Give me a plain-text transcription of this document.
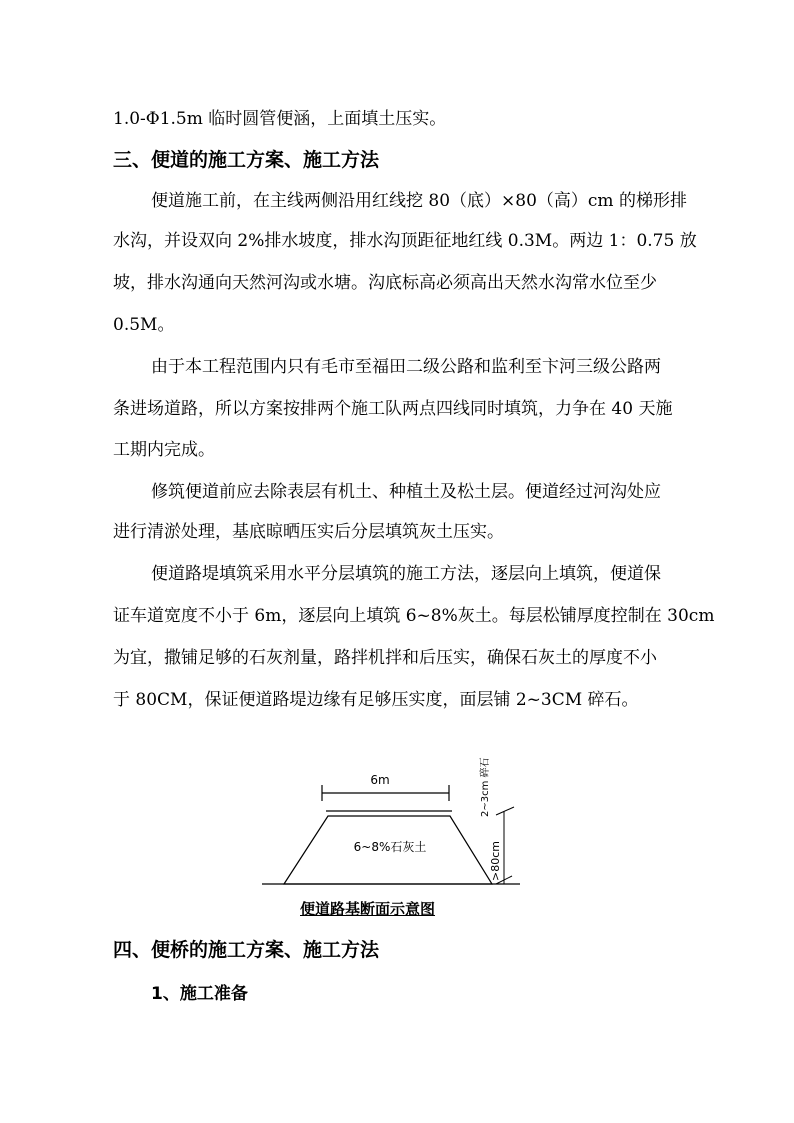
1.0-Φ1.5m 临时圆管便涵，上面填土压实。
三、便道的施工方案、施工方法
便道施工前，在主线两侧沿用红线挖 80（底）×80（高）cm 的梯形排
水沟，并设双向 2%排水坡度，排水沟顶距征地红线 0.3M。两边 1：0.75 放
坡，排水沟通向天然河沟或水塘。沟底标高必须高出天然水沟常水位至少
0.5M。
由于本工程范围内只有毛市至福田二级公路和监利至卞河三级公路两
条进场道路，所以方案按排两个施工队两点四线同时填筑，力争在 40 天施
工期内完成。
修筑便道前应去除表层有机土、种植土及松土层。便道经过河沟处应
进行清淤处理，基底晾晒压实后分层填筑灰土压实。
便道路堤填筑采用水平分层填筑的施工方法，逐层向上填筑，便道保
证车道宽度不小于 6m，逐层向上填筑 6~8%灰土。每层松铺厚度控制在 30cm
为宜，撒铺足够的石灰剂量，路拌机拌和后压实，确保石灰土的厚度不小
于 80CM，保证便道路堤边缘有足够压实度，面层铺 2~3CM 碎石。
6m
6~8%石灰土	>80cm
2~3cm 碎石
便道路基断面示意图
四、便桥的施工方案、施工方法
1、施工准备
